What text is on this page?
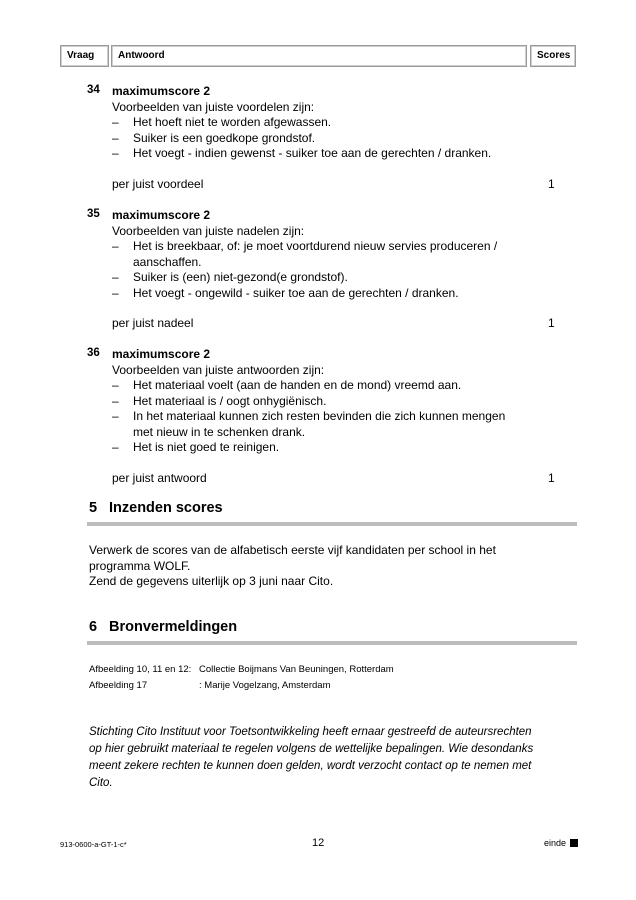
Vraag	Antwoord	Scores
34 maximumscore 2
Voorbeelden van juiste voordelen zijn:
– Het hoeft niet te worden afgewassen.
– Suiker is een goedkope grondstof.
– Het voegt - indien gewenst - suiker toe aan de gerechten / dranken.
per juist voordeel	1
35 maximumscore 2
Voorbeelden van juiste nadelen zijn:
– Het is breekbaar, of: je moet voortdurend nieuw servies produceren /
aanschaffen.
– Suiker is (een) niet-gezond(e grondstof).
– Het voegt - ongewild - suiker toe aan de gerechten / dranken.
per juist nadeel	1
36 maximumscore 2
Voorbeelden van juiste antwoorden zijn:
– Het materiaal voelt (aan de handen en de mond) vreemd aan.
– Het materiaal is / oogt onhygiënisch.
– In het materiaal kunnen zich resten bevinden die zich kunnen mengen
met nieuw in te schenken drank.
– Het is niet goed te reinigen.
per juist antwoord	1
5 Inzenden scores
Verwerk de scores van de alfabetisch eerste vijf kandidaten per school in het
programma WOLF.
Zend de gegevens uiterlijk op 3 juni naar Cito.
6 Bronvermeldingen
Afbeelding 10, 11 en 12: Collectie Boijmans Van Beuningen, Rotterdam
Afbeelding 17	: Marije Vogelzang, Amsterdam
Stichting Cito Instituut voor Toetsontwikkeling heeft ernaar gestreefd de auteursrechten
op hier gebruikt materiaal te regelen volgens de wettelijke bepalingen. Wie desondanks
meent zekere rechten te kunnen doen gelden, wordt verzocht contact op te nemen met
Cito.
913-0600-a-GT-1-c*	12	einde
